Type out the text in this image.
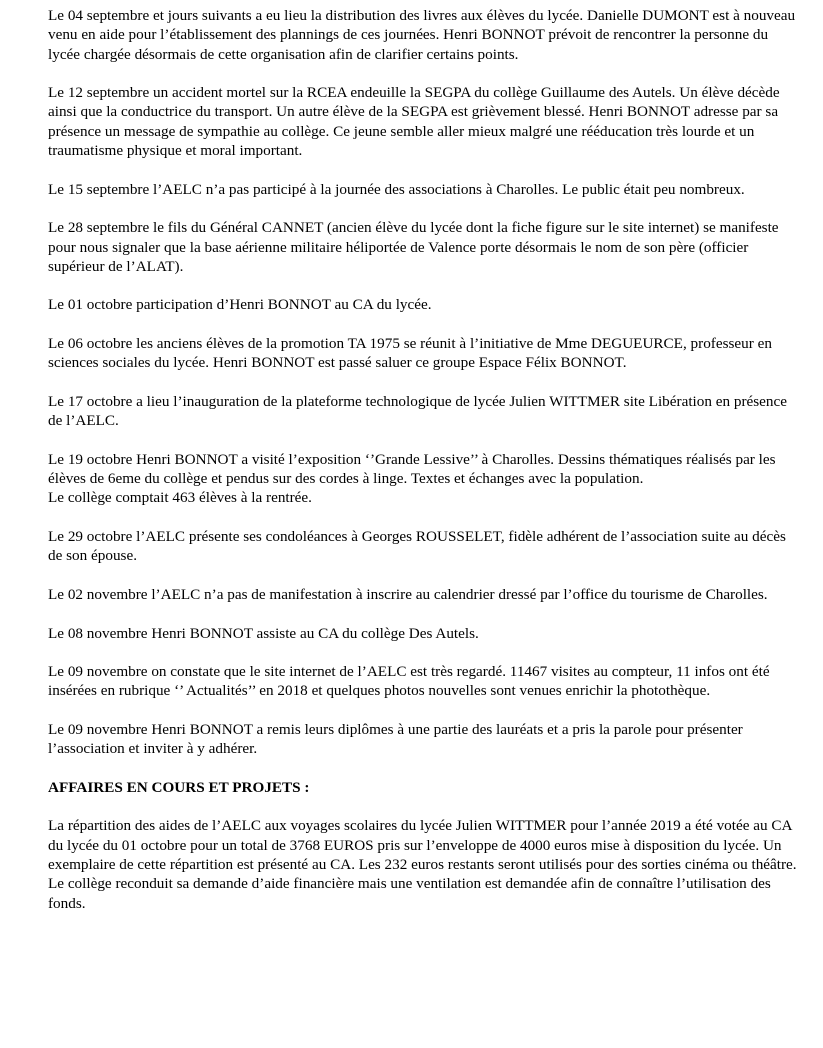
Le 04 septembre et jours suivants a eu lieu la distribution des livres aux élèves du lycée. Danielle DUMONT est à nouveau venu en aide pour l’établissement des plannings de ces journées. Henri BONNOT prévoit de rencontrer la personne du lycée chargée désormais de cette organisation afin de clarifier certains points.

Le 12 septembre un accident mortel sur la RCEA endeuille la SEGPA du collège Guillaume des Autels. Un élève décède ainsi que la conductrice du transport. Un autre élève de la SEGPA est grièvement blessé. Henri BONNOT adresse par sa présence un message de sympathie au collège. Ce jeune semble aller mieux malgré une rééducation très lourde et un traumatisme physique et moral important.

Le 15 septembre l’AELC n’a pas participé à la journée des associations à Charolles. Le public était peu nombreux.

Le 28 septembre le fils du Général CANNET (ancien élève du lycée dont la fiche figure sur le site internet) se manifeste pour nous signaler que la base aérienne militaire héliportée de Valence porte désormais le nom de son père (officier supérieur de l’ALAT).

Le 01 octobre participation d’Henri BONNOT au CA du lycée.

Le 06 octobre les anciens élèves de la promotion TA 1975 se réunit à l’initiative de Mme DEGUEURCE, professeur en sciences sociales du lycée. Henri BONNOT est passé saluer ce groupe Espace Félix BONNOT.

Le 17 octobre a lieu l’inauguration de la plateforme technologique de lycée Julien WITTMER site Libération en présence de l’AELC.

Le 19 octobre Henri BONNOT a visité l’exposition ‘’Grande Lessive’’ à Charolles. Dessins thématiques réalisés par les élèves de 6eme du collège et pendus sur des cordes à linge. Textes et échanges avec la population.

Le collège comptait 463 élèves à la rentrée.

Le 29 octobre l’AELC présente ses condoléances à Georges ROUSSELET, fidèle adhérent de l’association suite au décès de son épouse.

Le 02 novembre l’AELC n’a pas de manifestation à inscrire au calendrier dressé par l’office du tourisme de Charolles.

Le 08 novembre Henri BONNOT assiste au CA du collège Des Autels.

Le 09 novembre on constate que le site internet de l’AELC est très regardé. 11467 visites au compteur, 11 infos ont été insérées en rubrique ‘’ Actualités’’ en 2018 et quelques photos nouvelles sont venues enrichir la photothèque.

Le 09 novembre Henri BONNOT a remis leurs diplômes à une partie des lauréats et a pris la parole pour présenter l’association et inviter à y adhérer.

AFFAIRES EN COURS ET PROJETS :

La répartition des aides de l’AELC aux voyages scolaires du lycée Julien WITTMER pour l’année 2019 a été votée au CA du lycée du 01 octobre pour un total de 3768 EUROS pris sur l’enveloppe de 4000 euros mise à disposition du lycée. Un exemplaire de cette répartition est présenté au CA. Les 232 euros restants seront utilisés pour des sorties cinéma ou théâtre.

Le collège reconduit sa demande d’aide financière mais une ventilation est demandée afin de connaître l’utilisation des fonds.
